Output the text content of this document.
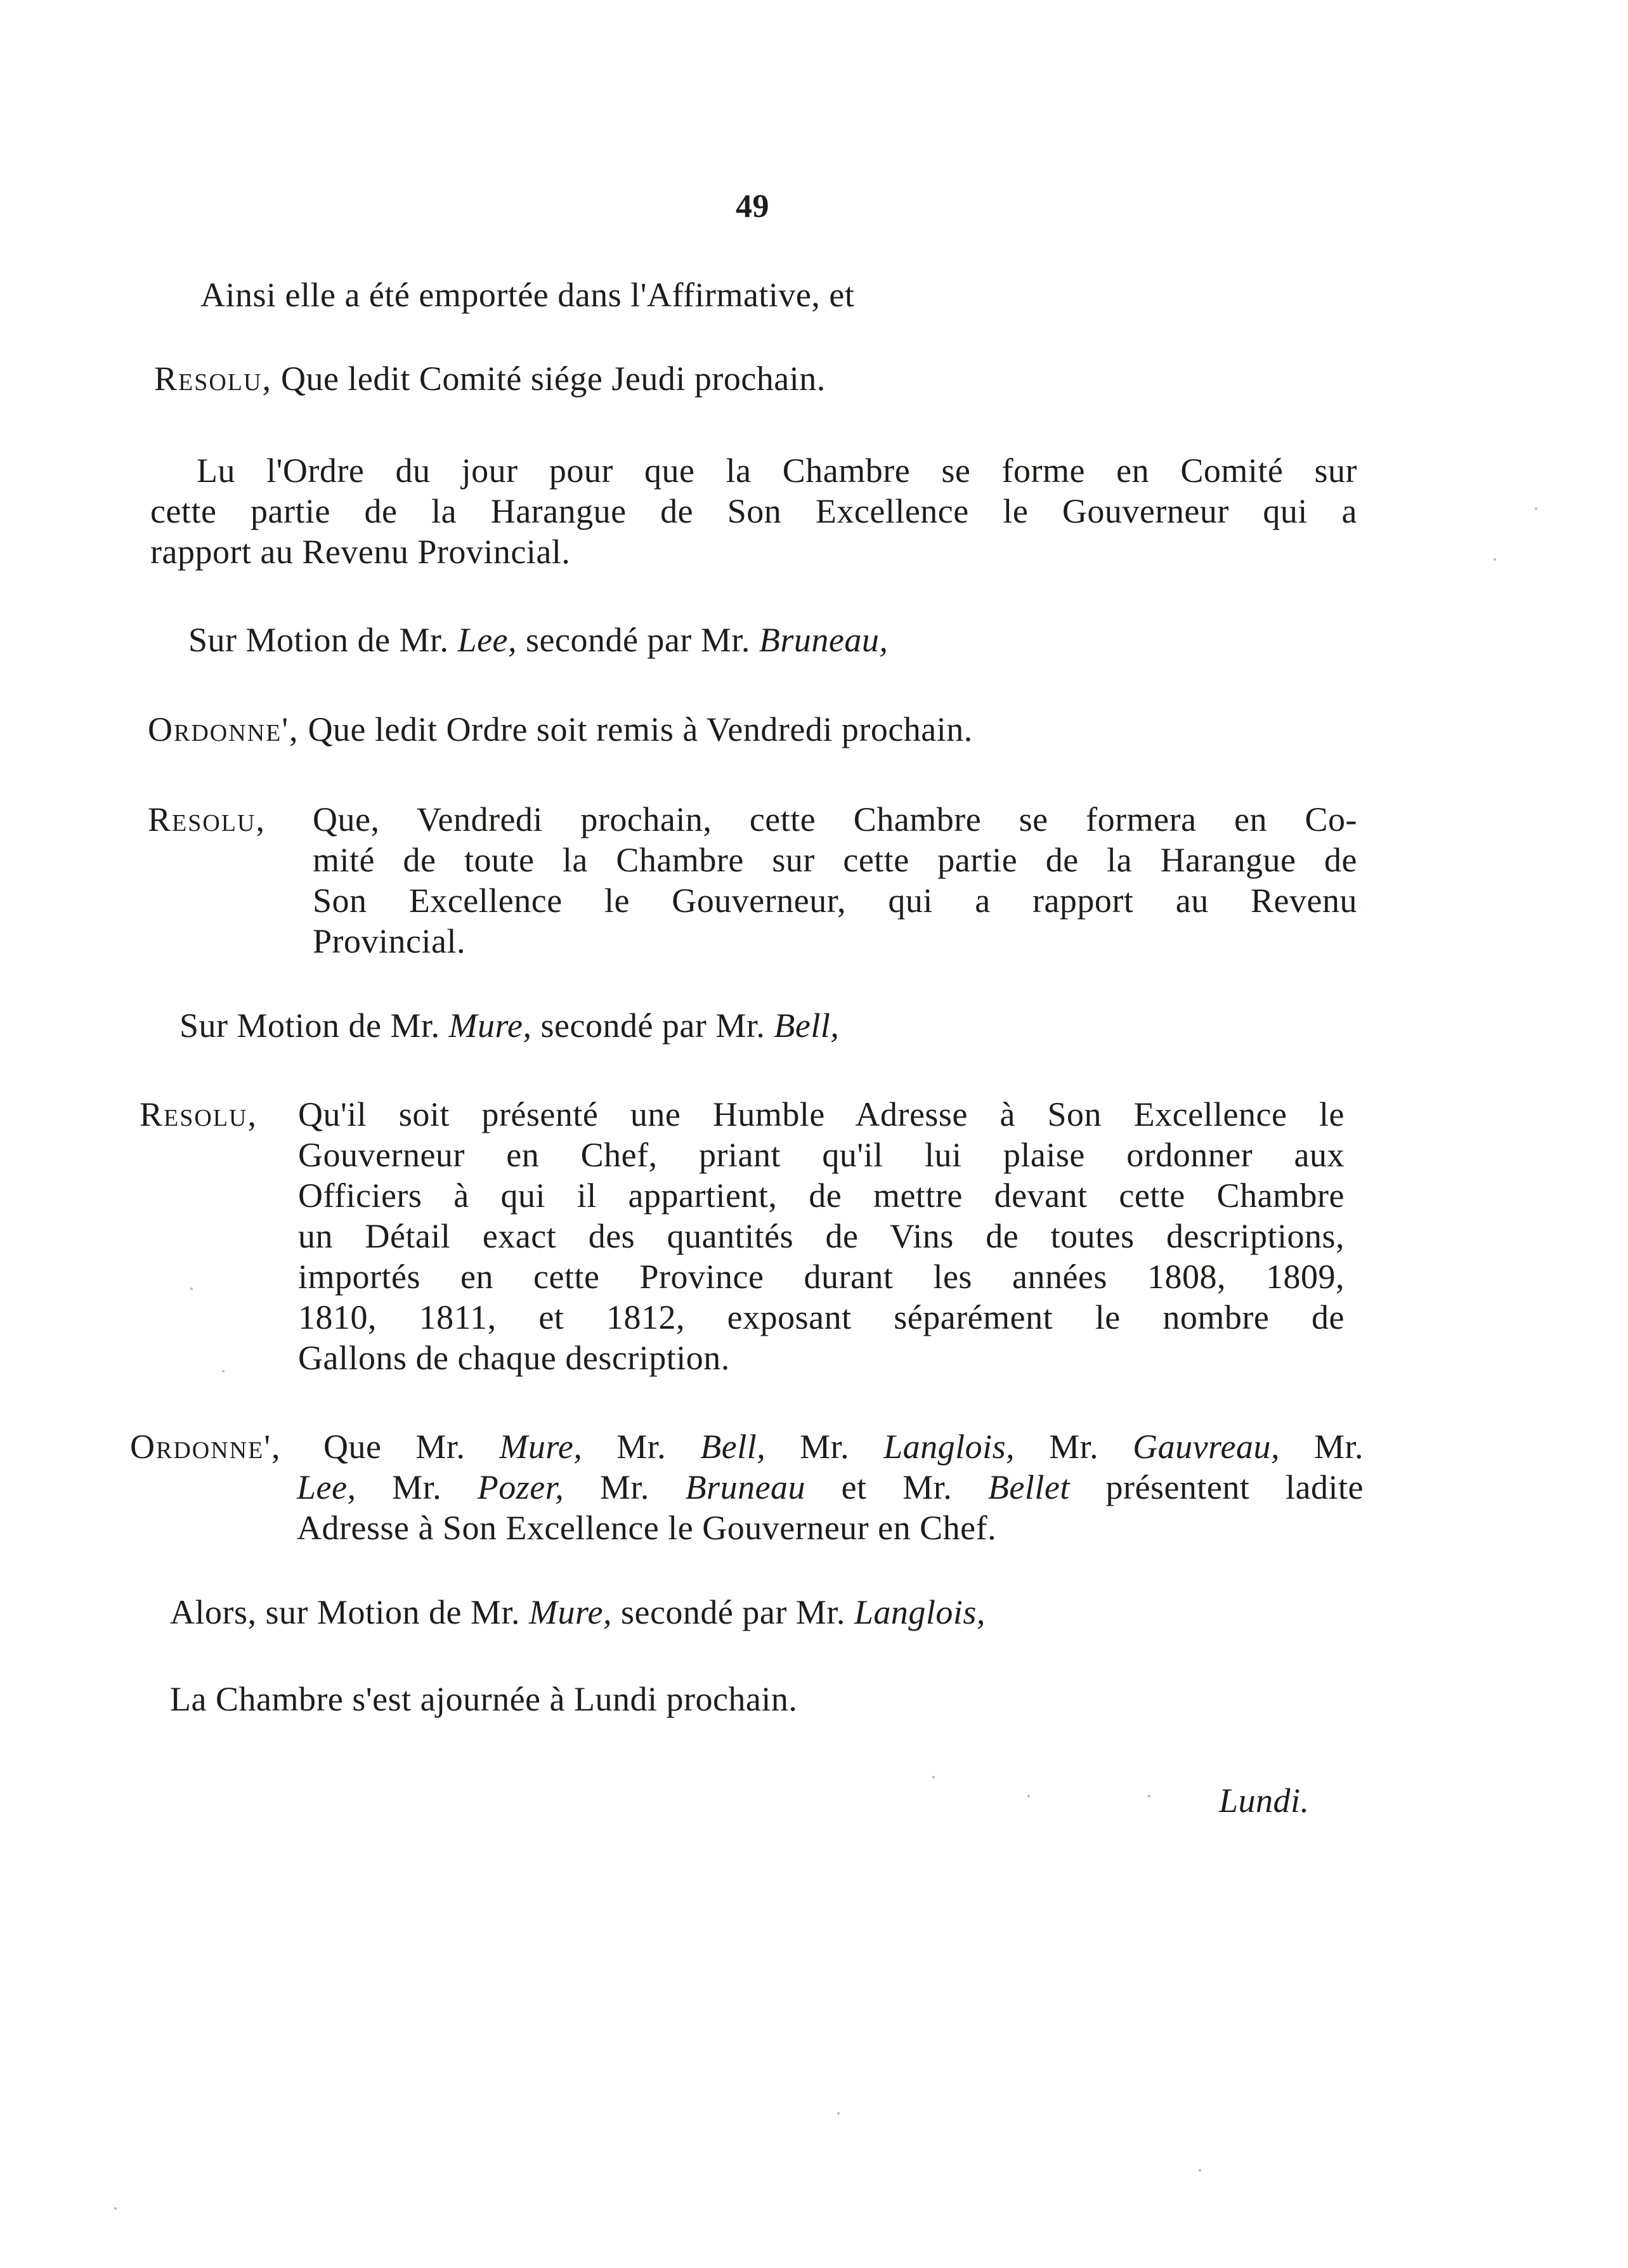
49
Ainsi elle a été emportée dans l'Affirmative, et
Resolu, Que ledit Comité siége Jeudi prochain.
Lu l'Ordre du jour pour que la Chambre se forme en Comité sur
cette partie de la Harangue de Son Excellence le Gouverneur qui a
rapport au Revenu Provincial.
Sur Motion de Mr. Lee, secondé par Mr. Bruneau,
Ordonne', Que ledit Ordre soit remis à Vendredi prochain.
Resolu, Que, Vendredi prochain, cette Chambre se formera en Co-
mité de toute la Chambre sur cette partie de la Harangue de
Son Excellence le Gouverneur, qui a rapport au Revenu
Provincial.
Sur Motion de Mr. Mure, secondé par Mr. Bell,
Resolu, Qu'il soit présenté une Humble Adresse à Son Excellence le
Gouverneur en Chef, priant qu'il lui plaise ordonner aux
Officiers à qui il appartient, de mettre devant cette Chambre
un Détail exact des quantités de Vins de toutes descriptions,
importés en cette Province durant les années 1808, 1809,
1810, 1811, et 1812, exposant séparément le nombre de
Gallons de chaque description.
Ordonne', Que Mr. Mure, Mr. Bell, Mr. Langlois, Mr. Gauvreau, Mr.
Lee, Mr. Pozer, Mr. Bruneau et Mr. Bellet présentent ladite
Adresse à Son Excellence le Gouverneur en Chef.
Alors, sur Motion de Mr. Mure, secondé par Mr. Langlois,
La Chambre s'est ajournée à Lundi prochain.
Lundi.
